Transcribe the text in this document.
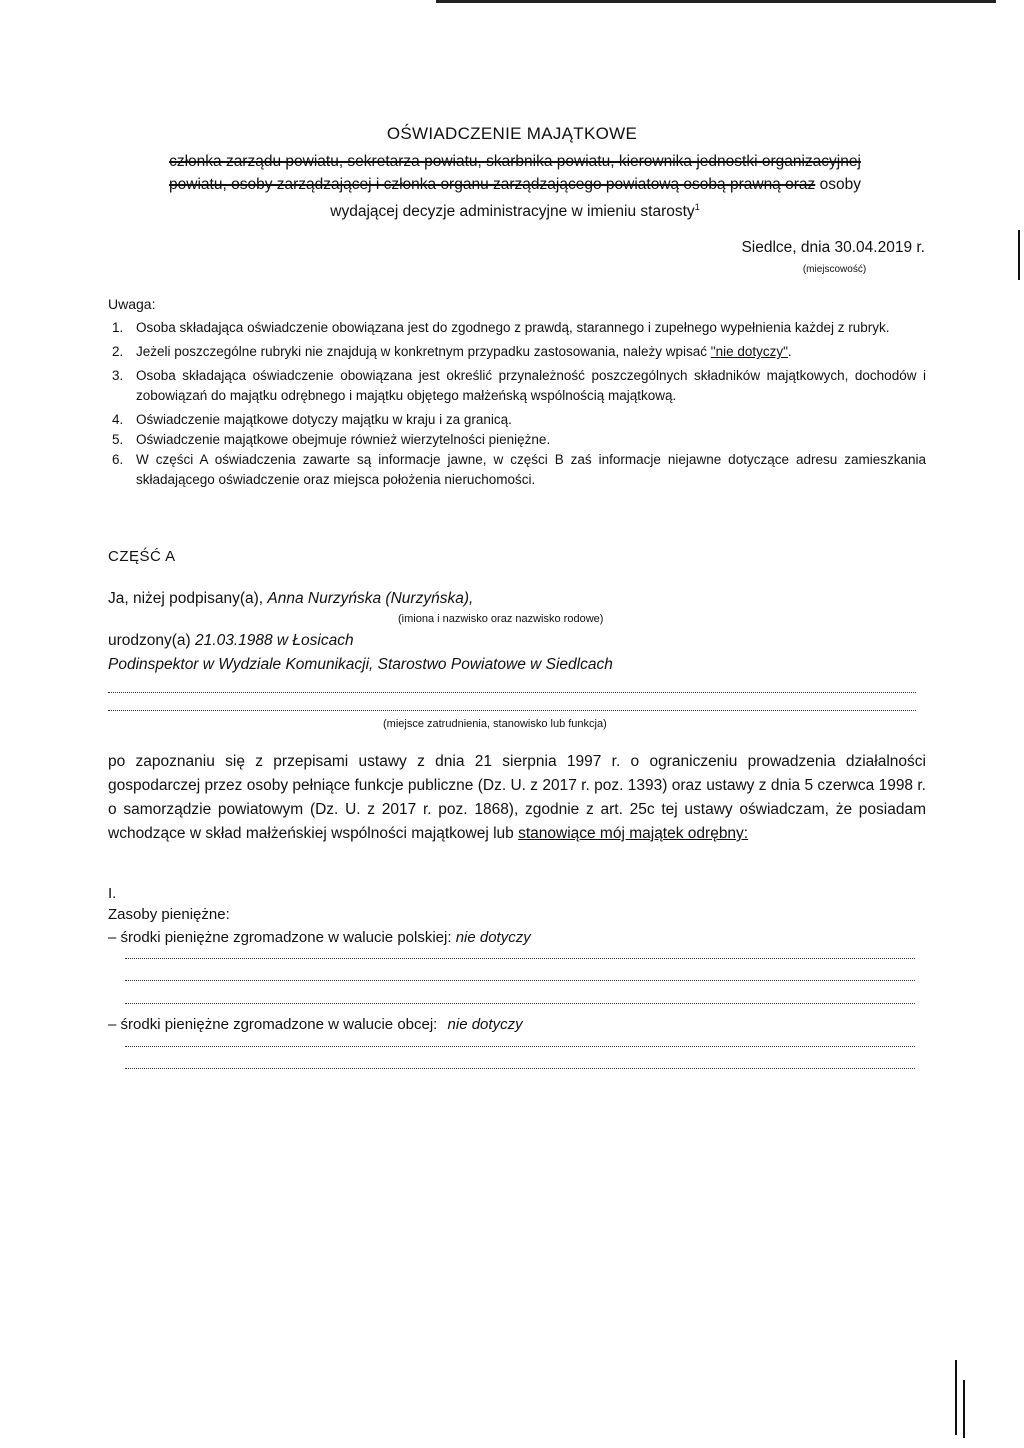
OŚWIADCZENIE MAJĄTKOWE
członka zarządu powiatu, sekretarza powiatu, skarbnika powiatu, kierownika jednostki organizacyjnej
powiatu, osoby zarządzającej i członka organu zarządzającego powiatową osobą prawną oraz osoby
wydającej decyzje administracyjne w imieniu starosty$^1$
Siedlce, dnia 30.04.2019 r.
(miejscowość)
Uwaga:
1. Osoba składająca oświadczenie obowiązana jest do zgodnego z prawdą, starannego i zupełnego wypełnienia każdej z rubryk.
2. Jeżeli poszczególne rubryki nie znajdują w konkretnym przypadku zastosowania, należy wpisać "nie dotyczy".
3. Osoba składająca oświadczenie obowiązana jest określić przynależność poszczególnych składników majątkowych, dochodów i zobowiązań do majątku odrębnego i majątku objętego małżeńską wspólnością majątkową.
4. Oświadczenie majątkowe dotyczy majątku w kraju i za granicą.
5. Oświadczenie majątkowe obejmuje również wierzytelności pieniężne.
6. W części A oświadczenia zawarte są informacje jawne, w części B zaś informacje niejawne dotyczące adresu zamieszkania składającego oświadczenie oraz miejsca położenia nieruchomości.
CZĘŚĆ A
Ja, niżej podpisany(a), Anna Nurzyńska (Nurzyńska),
(imiona i nazwisko oraz nazwisko rodowe)
urodzony(a) 21.03.1988 w Łosicach
Podinspektor w Wydziale Komunikacji, Starostwo Powiatowe w Siedlcach
(miejsce zatrudnienia, stanowisko lub funkcja)
po zapoznaniu się z przepisami ustawy z dnia 21 sierpnia 1997 r. o ograniczeniu prowadzenia działalności gospodarczej przez osoby pełniące funkcje publiczne (Dz. U. z 2017 r. poz. 1393) oraz ustawy z dnia 5 czerwca 1998 r. o samorządzie powiatowym (Dz. U. z 2017 r. poz. 1868), zgodnie z art. 25c tej ustawy oświadczam, że posiadam wchodzące w skład małżeńskiej wspólności majątkowej lub stanowiące mój majątek odrębny:
I.
Zasoby pieniężne:
– środki pieniężne zgromadzone w walucie polskiej: nie dotyczy
– środki pieniężne zgromadzone w walucie obcej: nie dotyczy
